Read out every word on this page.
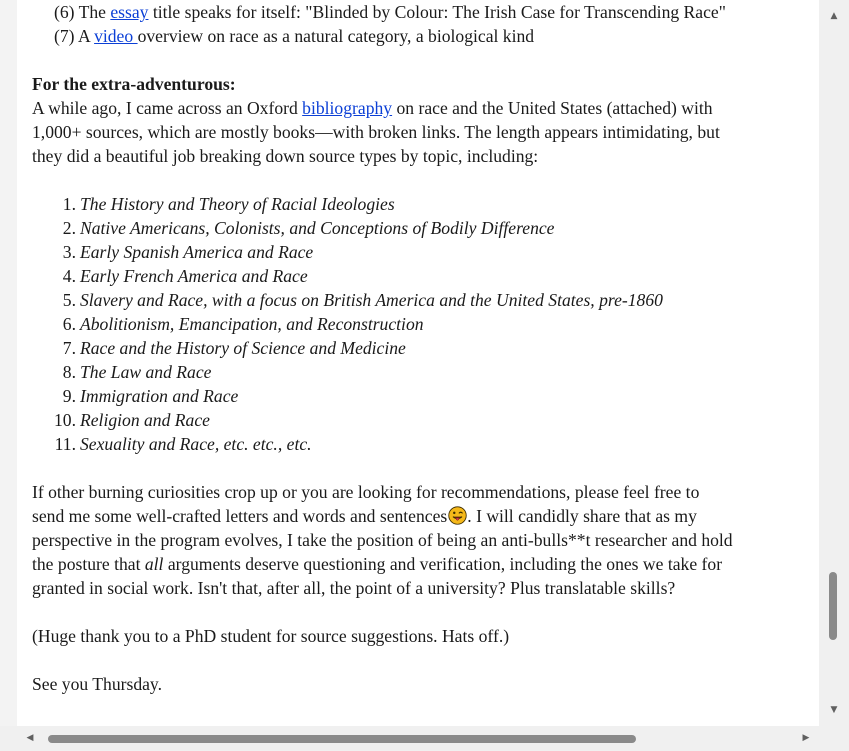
(6) The essay title speaks for itself: "Blinded by Colour: The Irish Case for Transcending Race"
(7) A video overview on race as a natural category, a biological kind
For the extra-adventurous:
A while ago, I came across an Oxford bibliography on race and the United States (attached) with
1,000+ sources, which are mostly books—with broken links. The length appears intimidating, but
they did a beautiful job breaking down source types by topic, including:
1. The History and Theory of Racial Ideologies
2. Native Americans, Colonists, and Conceptions of Bodily Difference
3. Early Spanish America and Race
4. Early French America and Race
5. Slavery and Race, with a focus on British America and the United States, pre-1860
6. Abolitionism, Emancipation, and Reconstruction
7. Race and the History of Science and Medicine
8. The Law and Race
9. Immigration and Race
10. Religion and Race
11. Sexuality and Race, etc. etc., etc.
If other burning curiosities crop up or you are looking for recommendations, please feel free to
send me some well-crafted letters and words and sentences . I will candidly share that as my
perspective in the program evolves, I take the position of being an anti-bulls**t researcher and hold
the posture that all arguments deserve questioning and verification, including the ones we take for
granted in social work. Isn't that, after all, the point of a university? Plus translatable skills?
(Huge thank you to a PhD student for source suggestions. Hats off.)
See you Thursday.
▲
▼
◀	▶
